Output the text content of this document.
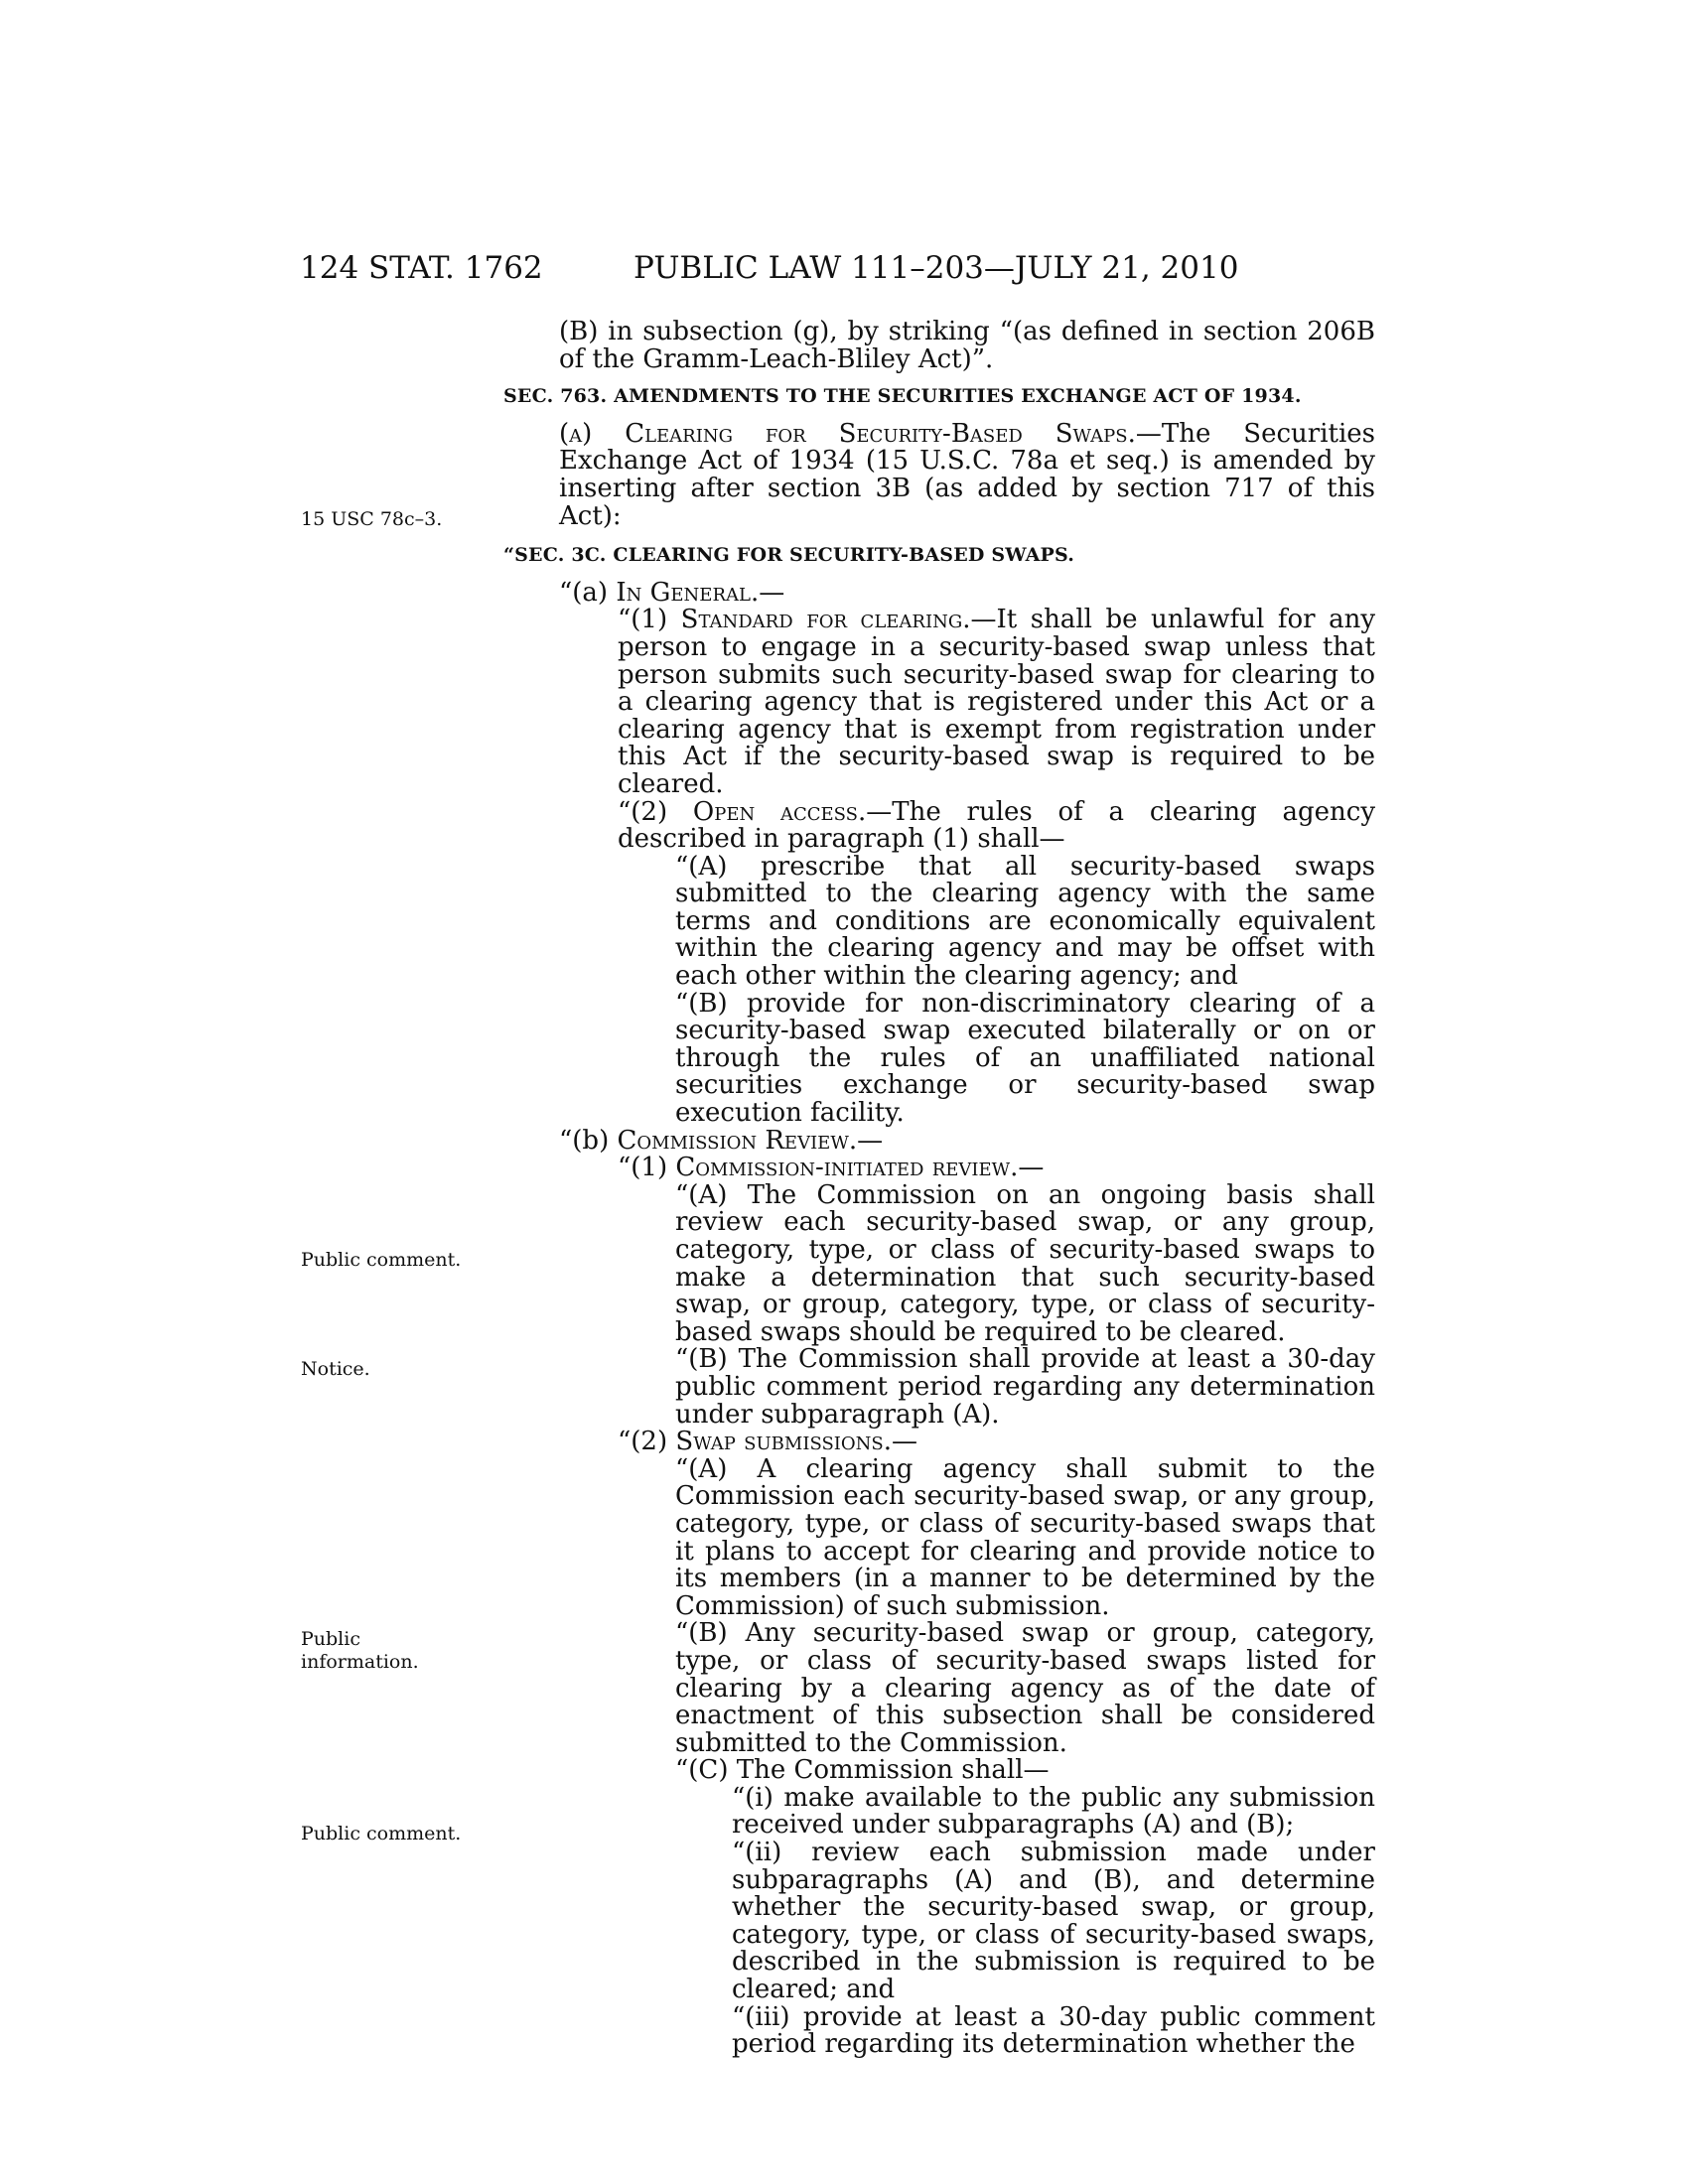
124 STAT. 1762	PUBLIC LAW 111–203—JULY 21, 2010
15 USC 78c–3.
Public comment.
Notice.
Public information.
Public comment.

(B) in subsection (g), by striking “(as defined in section 206B of the Gramm-Leach-Bliley Act)”.

SEC. 763. AMENDMENTS TO THE SECURITIES EXCHANGE ACT OF 1934.

(a) Clearing for Security-Based Swaps.—The Securities Exchange Act of 1934 (15 U.S.C. 78a et seq.) is amended by inserting after section 3B (as added by section 717 of this Act):

“SEC. 3C. CLEARING FOR SECURITY-BASED SWAPS.

“(a) In General.—

“(1) Standard for clearing.—It shall be unlawful for any person to engage in a security-based swap unless that person submits such security-based swap for clearing to a clearing agency that is registered under this Act or a clearing agency that is exempt from registration under this Act if the security-based swap is required to be cleared.

“(2) Open access.—The rules of a clearing agency described in paragraph (1) shall—

“(A) prescribe that all security-based swaps submitted to the clearing agency with the same terms and conditions are economically equivalent within the clearing agency and may be offset with each other within the clearing agency; and

“(B) provide for non-discriminatory clearing of a security-based swap executed bilaterally or on or through the rules of an unaffiliated national securities exchange or security-based swap execution facility.

“(b) Commission Review.—

“(1) Commission-initiated review.—

“(A) The Commission on an ongoing basis shall review each security-based swap, or any group, category, type, or class of security-based swaps to make a determination that such security-based swap, or group, category, type, or class of security-based swaps should be required to be cleared.

“(B) The Commission shall provide at least a 30-day public comment period regarding any determination under subparagraph (A).

“(2) Swap submissions.—

“(A) A clearing agency shall submit to the Commission each security-based swap, or any group, category, type, or class of security-based swaps that it plans to accept for clearing and provide notice to its members (in a manner to be determined by the Commission) of such submission.

“(B) Any security-based swap or group, category, type, or class of security-based swaps listed for clearing by a clearing agency as of the date of enactment of this subsection shall be considered submitted to the Commission.

“(C) The Commission shall—

“(i) make available to the public any submission received under subparagraphs (A) and (B);

“(ii) review each submission made under subparagraphs (A) and (B), and determine whether the security-based swap, or group, category, type, or class of security-based swaps, described in the submission is required to be cleared; and

“(iii) provide at least a 30-day public comment period regarding its determination whether the
